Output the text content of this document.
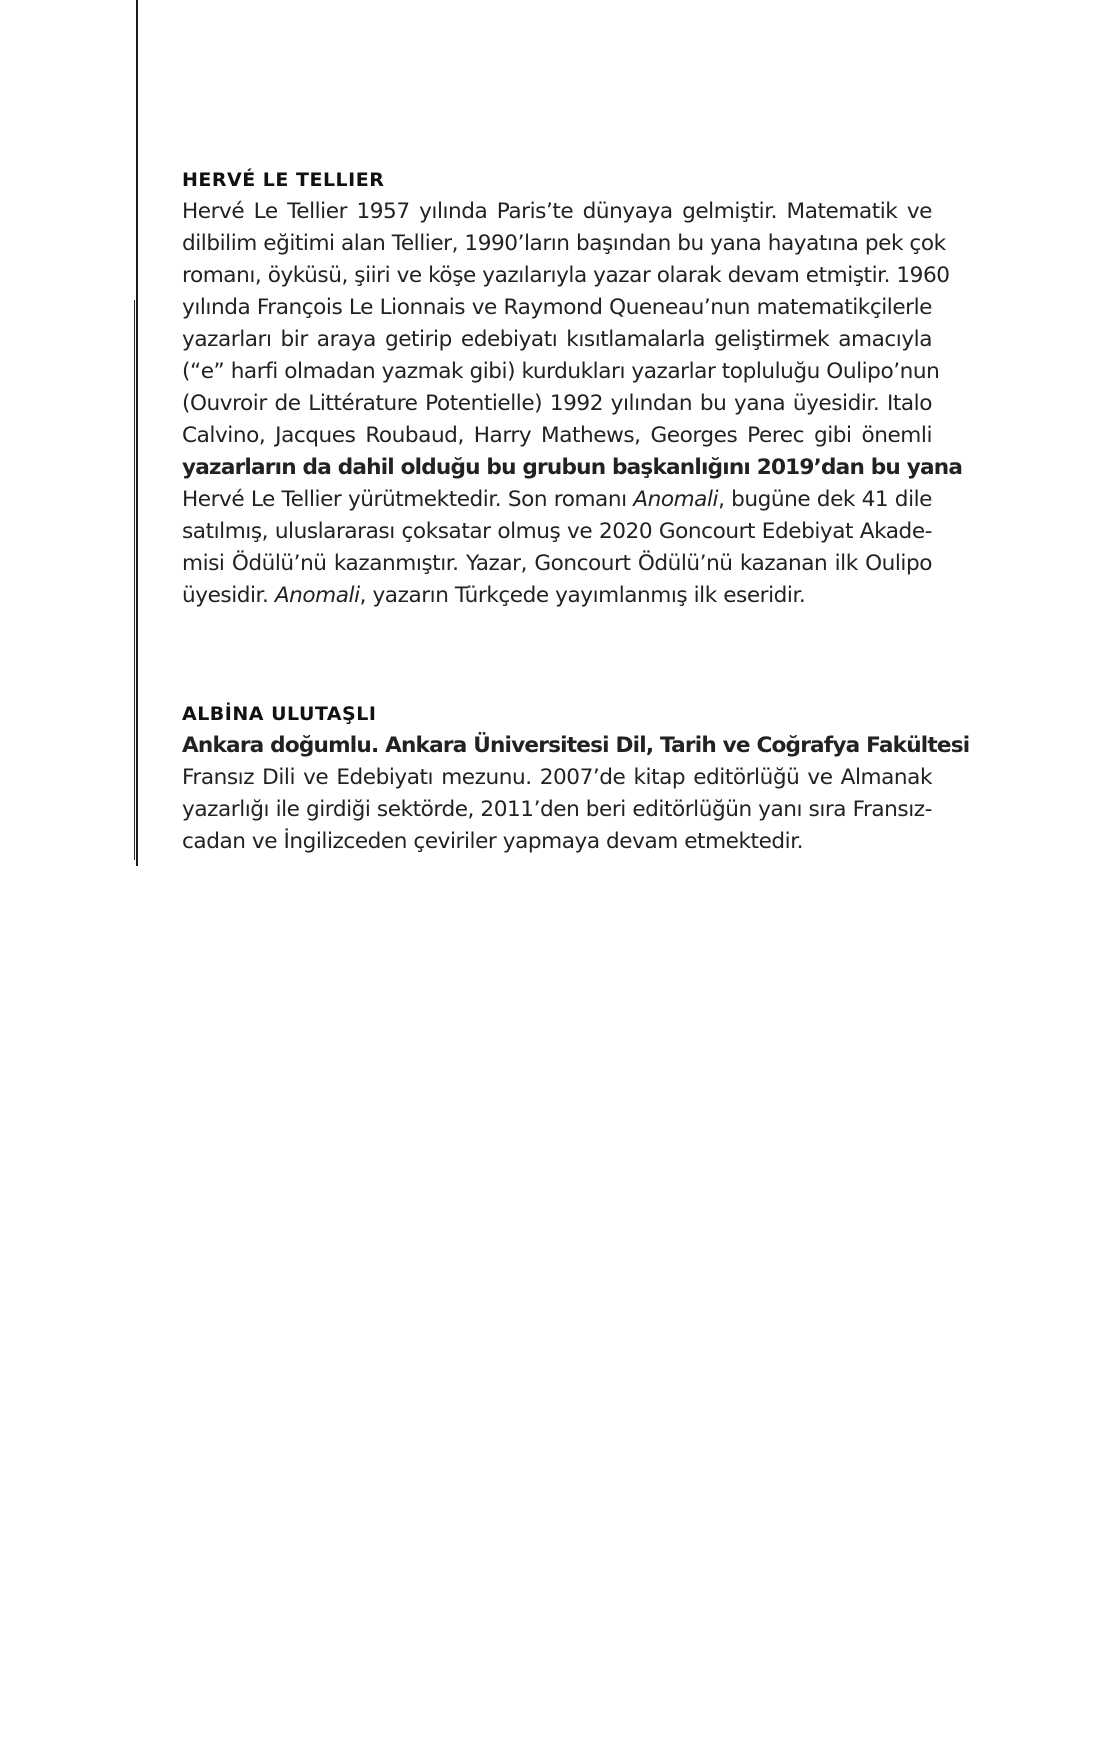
HERVÉ LE TELLIER

Hervé Le Tellier 1957 yılında Paris’te dünyaya gelmiştir. Matematik ve
dilbilim eğitimi alan Tellier, 1990’ların başından bu yana hayatına pek çok
romanı, öyküsü, şiiri ve köşe yazılarıyla yazar olarak devam etmiştir. 1960
yılında François Le Lionnais ve Raymond Queneau’nun matematikçilerle
yazarları bir araya getirip edebiyatı kısıtlamalarla geliştirmek amacıyla
(“e” harfi olmadan yazmak gibi) kurdukları yazarlar topluluğu Oulipo’nun
(Ouvroir de Littérature Potentielle) 1992 yılından bu yana üyesidir. Italo
Calvino, Jacques Roubaud, Harry Mathews, Georges Perec gibi önemli
yazarların da dahil olduğu bu grubun başkanlığını 2019’dan bu yana
Hervé Le Tellier yürütmektedir. Son romanı Anomali, bugüne dek 41 dile
satılmış, uluslararası çoksatar olmuş ve 2020 Goncourt Edebiyat Akade-
misi Ödülü’nü kazanmıştır. Yazar, Goncourt Ödülü’nü kazanan ilk Oulipo
üyesidir. Anomali, yazarın Türkçede yayımlanmış ilk eseridir.

ALBİNA ULUTAŞLI

Ankara doğumlu. Ankara Üniversitesi Dil, Tarih ve Coğrafya Fakültesi
Fransız Dili ve Edebiyatı mezunu. 2007’de kitap editörlüğü ve Almanak
yazarlığı ile girdiği sektörde, 2011’den beri editörlüğün yanı sıra Fransız-
cadan ve İngilizceden çeviriler yapmaya devam etmektedir.
